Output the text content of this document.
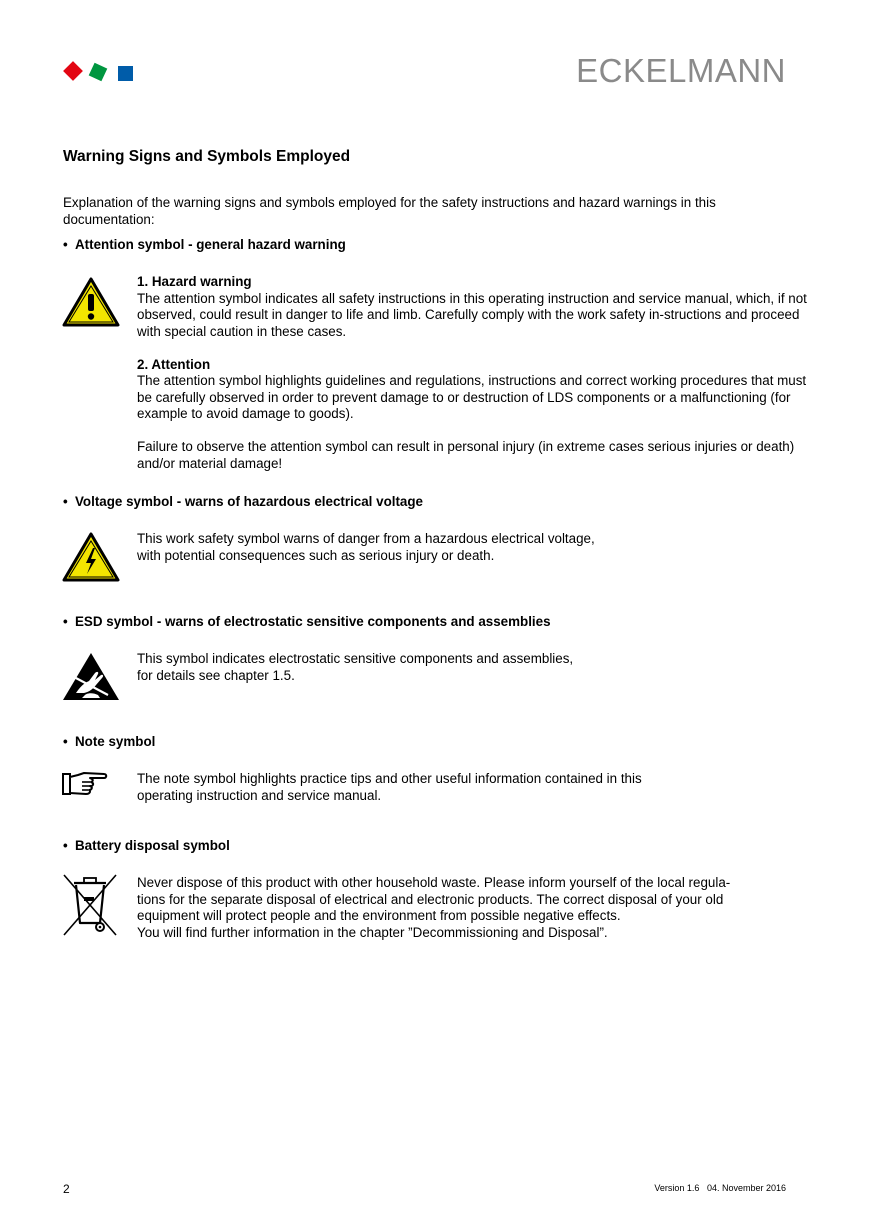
ECKELMANN
Warning Signs and Symbols Employed

Explanation of the warning signs and symbols employed for the safety instructions and hazard warnings in this documentation:

• Attention symbol - general hazard warning

1. Hazard warning
The attention symbol indicates all safety instructions in this operating instruction and service manual, which, if not observed, could result in danger to life and limb. Carefully comply with the work safety in-structions and proceed with special caution in these cases.
2. Attention
The attention symbol highlights guidelines and regulations, instructions and correct working procedures that must be carefully observed in order to prevent damage to or destruction of LDS components or a malfunctioning (for example to avoid damage to goods).
Failure to observe the attention symbol can result in personal injury (in extreme cases serious injuries or death) and/or material damage!

• Voltage symbol - warns of hazardous electrical voltage

This work safety symbol warns of danger from a hazardous electrical voltage,
with potential consequences such as serious injury or death.

• ESD symbol - warns of electrostatic sensitive components and assemblies

This symbol indicates electrostatic sensitive components and assemblies,
for details see chapter 1.5.

• Note symbol

The note symbol highlights practice tips and other useful information contained in this
operating instruction and service manual.

• Battery disposal symbol

Never dispose of this product with other household waste. Please inform yourself of the local regula-
tions for the separate disposal of electrical and electronic products. The correct disposal of your old
equipment will protect people and the environment from possible negative effects.
You will find further information in the chapter ”Decommissioning and Disposal”.
2	Version 1.6   04. November 2016
